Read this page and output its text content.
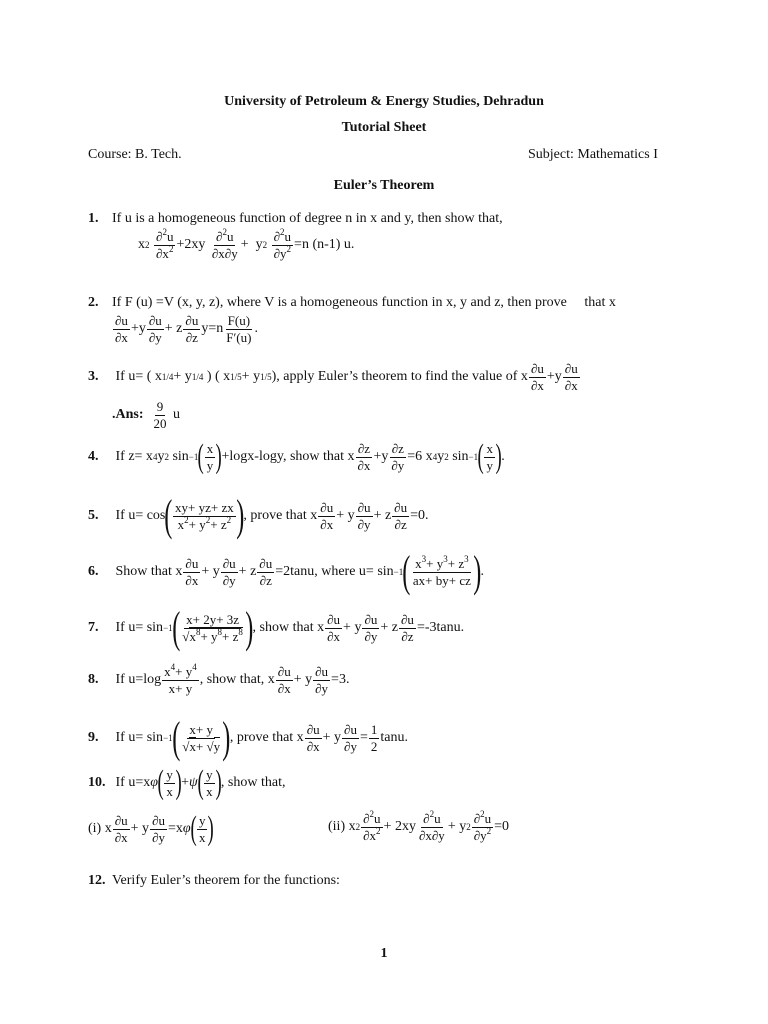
University of Petroleum & Energy Studies, Dehradun
Tutorial Sheet
Course: B. Tech.	Subject: Mathematics I
Euler’s Theorem
1. If u is a homogeneous function of degree n in x and y, then show that,
x 2
$\frac{\partial^2u}{\partial x^2} +2xy \frac{\partial^2u}{\partial x\partial y} + y$ 2
$\frac{\partial^2u}{\partial y^2} =n$ (n-1) u.
2. If F (u) =V (x, y, z), where V is a homogeneous function in x, y and z, then prove that x
$\frac{\partial u}{\partial x} +y \frac{\partial u}{\partial y} + z \frac{\partial u}{\partial z} y=n \frac{F(u)}{F'(u)}$ .
3. If u= ( x 1/4 + y 1/4 ) ( x 1/5 + y 1/5 ), apply Euler’s theorem to find the value of x $\frac{\partial u}{\partial x} +y \frac{\partial u}{\partial x}$
.Ans:
$\frac{9}{20}$ u
4. If z= x 4 y 2 sin −1 ( $\frac{x}{y}$ ) +logx-logy, show that x $\frac{\partial z}{\partial x} +y \frac{\partial z}{\partial y} =6$ x 4 y 2 sin −1 ( $\frac{x}{y}$ ) .
5. If u= cos ( $\frac{xy+ yz+ zx}{x^2+ y^2+ z^2}$ ) , prove that x $\frac{\partial u}{\partial x} + y \frac{\partial u}{\partial y} + z \frac{\partial u}{\partial z} =0$.
6. Show that x $\frac{\partial u}{\partial x} + y \frac{\partial u}{\partial y} + z \frac{\partial u}{\partial z} =2\tan u$, where u= sin −1 ( $\frac{x^3+ y^3+ z^3}{ax+ by+ cz}$ ) .
7. If u= sin −1 ( $\frac{x+ 2y+ 3z}{√x^8+ y^8+ z^8}$ ) , show that x $\frac{\partial u}{\partial x} + y \frac{\partial u}{\partial y} + z \frac{\partial u}{\partial z} =-3\tan u$.
8. If $u=\log \frac{x^4+ y^4}{x+ y}$ , show that, x $\frac{\partial u}{\partial x} + y \frac{\partial u}{\partial y} =3$.
9. If u= sin −1 ( $\frac{x+ y}{√x+ √y}$ ) , prove that x $\frac{\partial u}{\partial x} + y \frac{\partial u}{\partial y} = \frac{1}{2} \tan u$.
10. If u=x φ ( $\frac{y}{x}$ ) + ψ ( $\frac{y}{x}$ ) , show that,
(i) x $\frac{\partial u}{\partial x} + y \frac{\partial u}{\partial y} =x$ φ ( $\frac{y}{x}$ )	(ii) x $2 \frac{\partial^2u}{\partial x^2} + 2xy \frac{\partial^2u}{\partial x\partial y} + y$ $2 \frac{\partial^2u}{\partial y^2} =0$
12. Verify Euler’s theorem for the functions:
1
